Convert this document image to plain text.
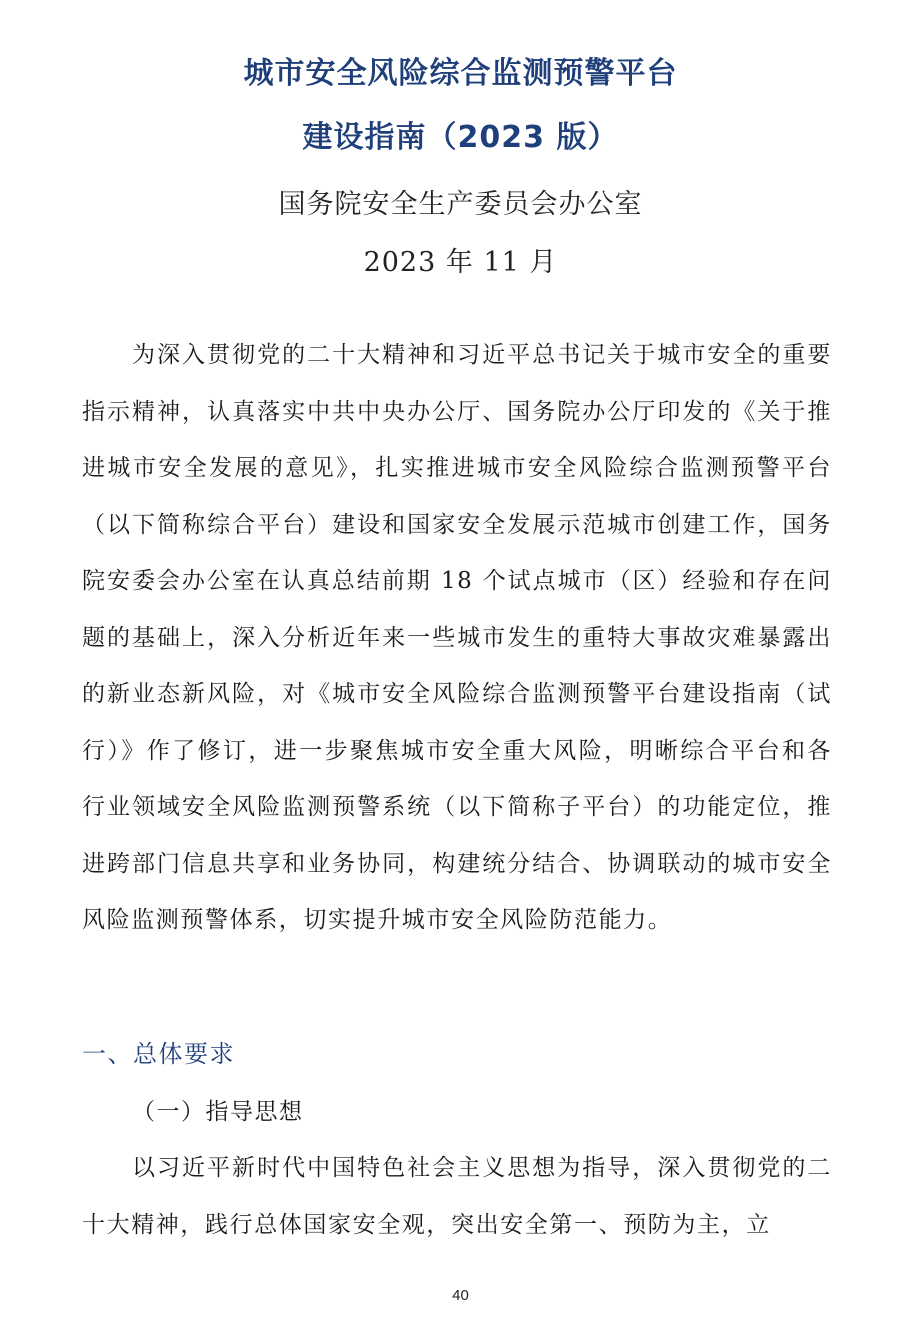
城市安全风险综合监测预警平台
建设指南（2023 版）
国务院安全生产委员会办公室
2023 年 11 月

为深入贯彻党的二十大精神和习近平总书记关于城市安全的重要指示精神，认真落实中共中央办公厅、国务院办公厅印发的《关于推进城市安全发展的意见》，扎实推进城市安全风险综合监测预警平台（以下简称综合平台）建设和国家安全发展示范城市创建工作，国务院安委会办公室在认真总结前期 18 个试点城市（区）经验和存在问题的基础上，深入分析近年来一些城市发生的重特大事故灾难暴露出的新业态新风险，对《城市安全风险综合监测预警平台建设指南（试行）》作了修订，进一步聚焦城市安全重大风险，明晰综合平台和各行业领域安全风险监测预警系统（以下简称子平台）的功能定位，推进跨部门信息共享和业务协同，构建统分结合、协调联动的城市安全风险监测预警体系，切实提升城市安全风险防范能力。

一、总体要求
（一）指导思想

以习近平新时代中国特色社会主义思想为指导，深入贯彻党的二十大精神，践行总体国家安全观，突出安全第一、预防为主，立

40
